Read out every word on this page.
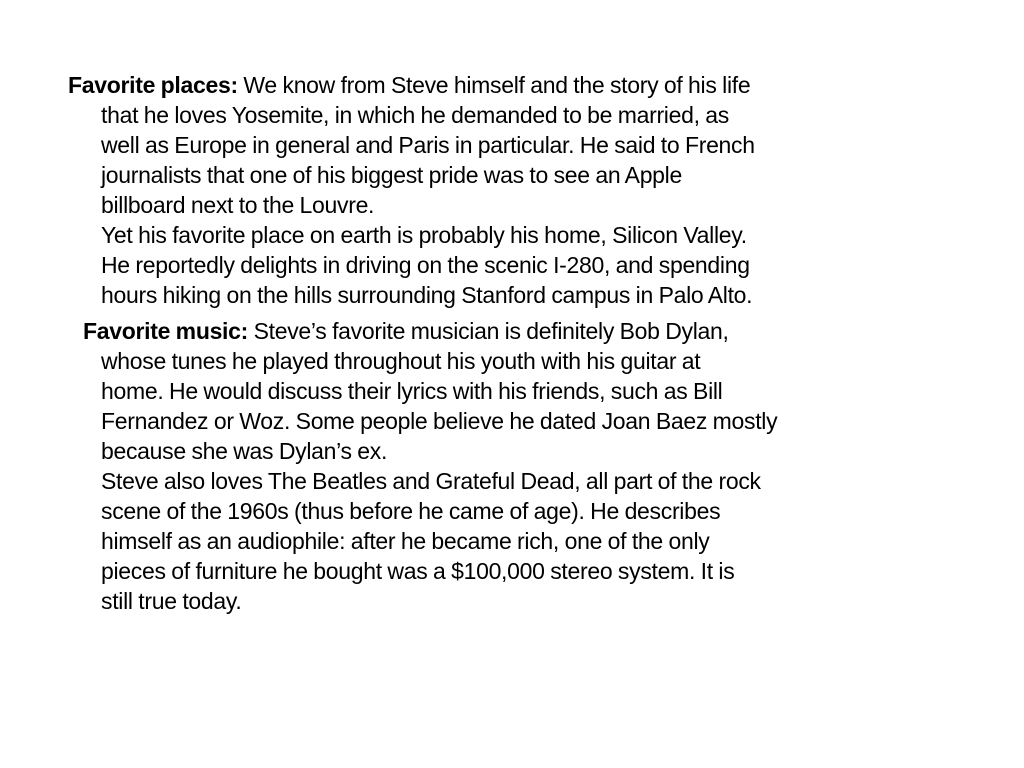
Favorite places: We know from Steve himself and the story of his life
that he loves Yosemite, in which he demanded to be married, as
well as Europe in general and Paris in particular. He said to French
journalists that one of his biggest pride was to see an Apple
billboard next to the Louvre.
Yet his favorite place on earth is probably his home, Silicon Valley.
He reportedly delights in driving on the scenic I-280, and spending
hours hiking on the hills surrounding Stanford campus in Palo Alto.
Favorite music: Steve’s favorite musician is definitely Bob Dylan,
whose tunes he played throughout his youth with his guitar at
home. He would discuss their lyrics with his friends, such as Bill
Fernandez or Woz. Some people believe he dated Joan Baez mostly
because she was Dylan’s ex.
Steve also loves The Beatles and Grateful Dead, all part of the rock
scene of the 1960s (thus before he came of age). He describes
himself as an audiophile: after he became rich, one of the only
pieces of furniture he bought was a $100,000 stereo system. It is
still true today.
